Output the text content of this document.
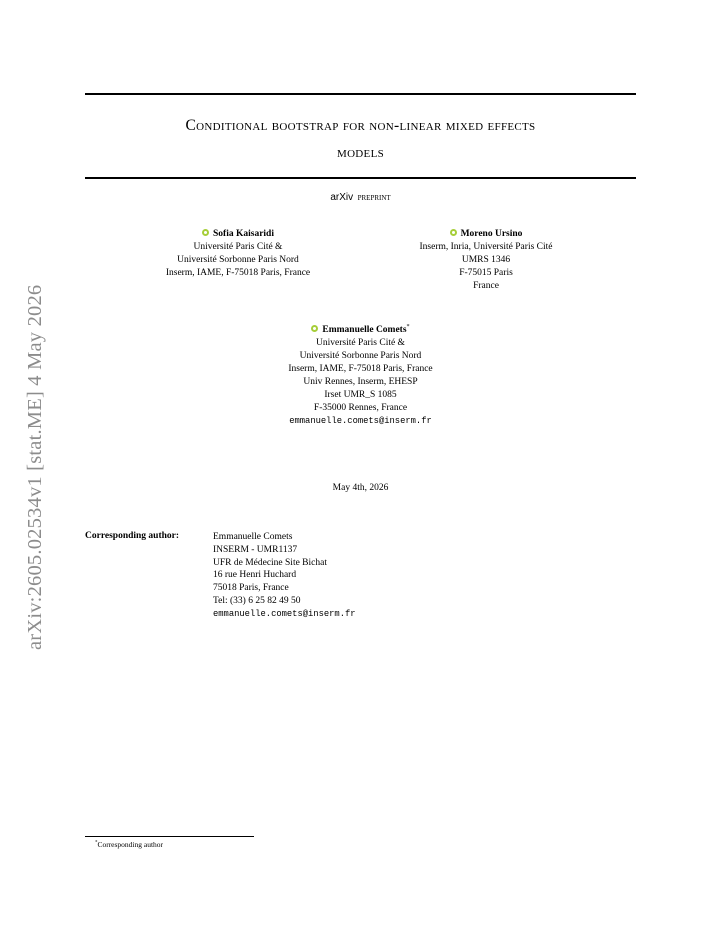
arXiv:2605.02534v1 [stat.ME] 4 May 2026
Conditional bootstrap for non-linear mixed effects
models
arXiv preprint
Sofia Kaisaridi
Université Paris Cité &
Université Sorbonne Paris Nord
Inserm, IAME, F-75018 Paris, France
Moreno Ursino
Inserm, Inria, Université Paris Cité
UMRS 1346
F-75015 Paris
France
Emmanuelle Comets*
Université Paris Cité &
Université Sorbonne Paris Nord
Inserm, IAME, F-75018 Paris, France
Univ Rennes, Inserm, EHESP
Irset UMR_S 1085
F-35000 Rennes, France
emmanuelle.comets@inserm.fr
May 4th, 2026
Corresponding author:	Emmanuelle Comets
INSERM - UMR1137
UFR de Médecine Site Bichat
16 rue Henri Huchard
75018 Paris, France
Tel: (33) 6 25 82 49 50
emmanuelle.comets@inserm.fr
*Corresponding author
